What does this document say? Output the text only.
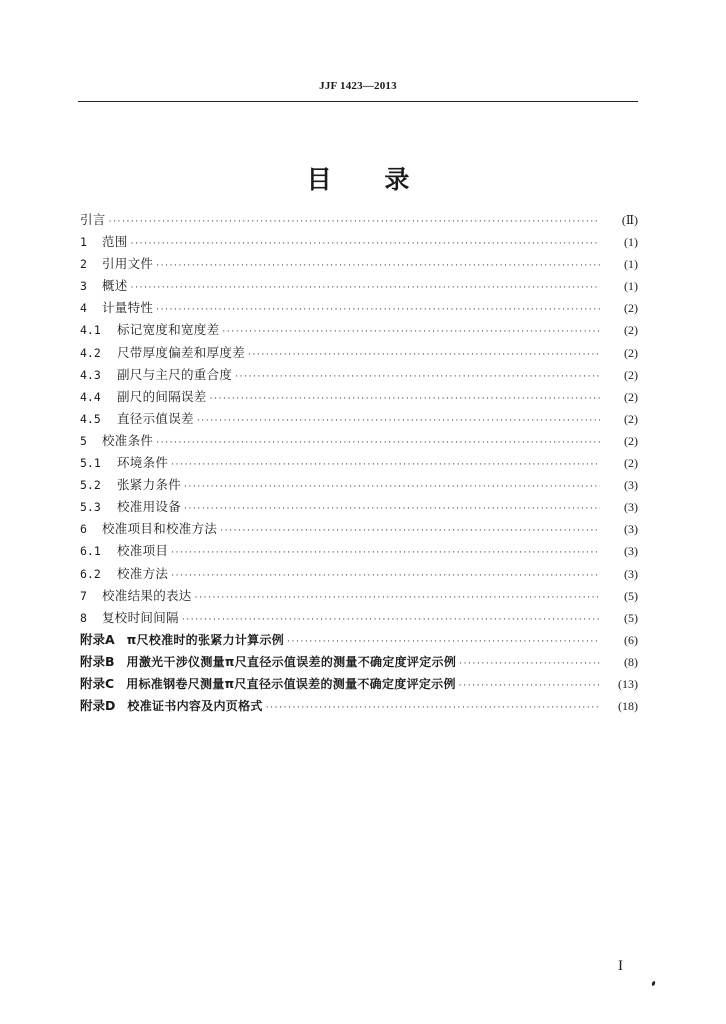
JJF 1423—2013
目 录
引言 ·····	(Ⅱ)
1	范围 ·····	(1)
2	引用文件 ·····	(1)
3	概述 ·····	(1)
4	计量特性 ·····	(2)
4.1	标记宽度和宽度差 ·····	(2)
4.2	尺带厚度偏差和厚度差 ·····	(2)
4.3	副尺与主尺的重合度 ·····	(2)
4.4	副尺的间隔误差 ·····	(2)
4.5	直径示值误差 ·····	(2)
5	校准条件 ·····	(2)
5.1	环境条件 ·····	(2)
5.2	张紧力条件 ·····	(3)
5.3	校准用设备 ·····	(3)
6	校准项目和校准方法 ·····	(3)
6.1	校准项目 ·····	(3)
6.2	校准方法 ·····	(3)
7	校准结果的表达 ·····	(5)
8	复校时间间隔 ·····	(5)
附录A π尺校准时的张紧力计算示例 ·····	(6)
附录B 用激光干涉仪测量π尺直径示值误差的测量不确定度评定示例 ·····	(8)
附录C 用标准钢卷尺测量π尺直径示值误差的测量不确定度评定示例 ·····	(13)
附录D 校准证书内容及内页格式 ·····	(18)
I
